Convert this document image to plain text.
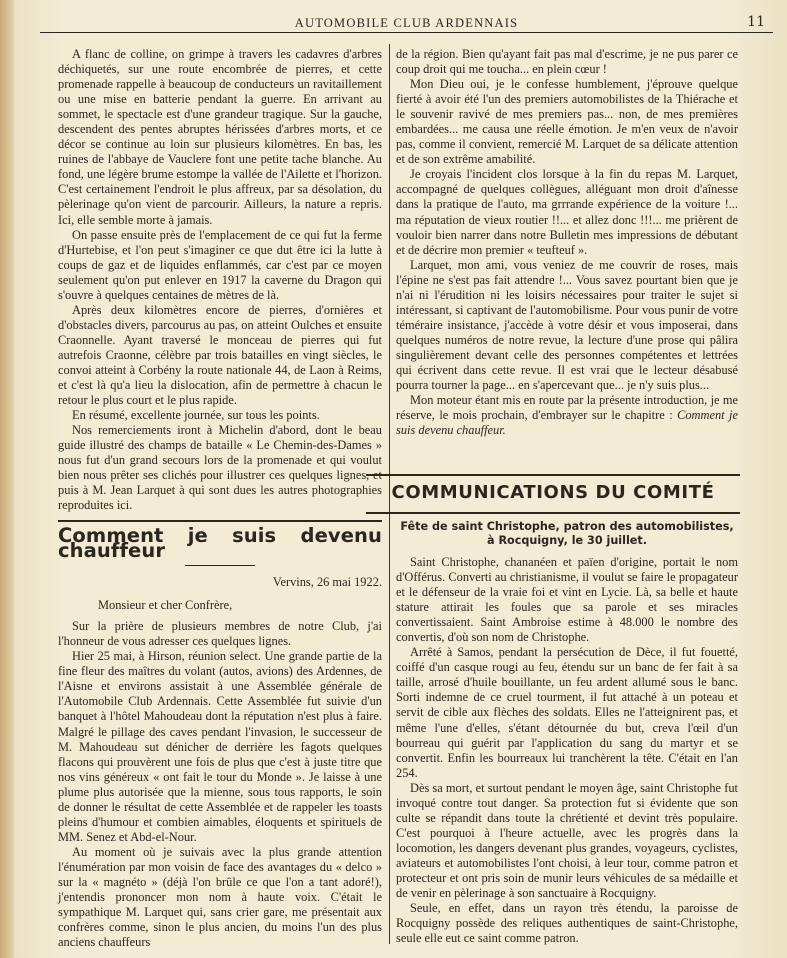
AUTOMOBILE CLUB ARDENNAIS	11

A flanc de colline, on grimpe à travers les cadavres d'arbres déchiquetés, sur une route encombrée de pierres, et cette promenade rappelle à beaucoup de conducteurs un ravitaillement ou une mise en batterie pendant la guerre. En arrivant au sommet, le spectacle est d'une grandeur tragique. Sur la gauche, descendent des pentes abruptes hérissées d'arbres morts, et ce décor se continue au loin sur plusieurs kilomètres. En bas, les ruines de l'abbaye de Vauclere font une petite tache blanche. Au fond, une légère brume estompe la vallée de l'Ailette et l'horizon. C'est certainement l'endroit le plus affreux, par sa désolation, du pèlerinage qu'on vient de parcourir. Ailleurs, la nature a repris. Ici, elle semble morte à jamais.

On passe ensuite près de l'emplacement de ce qui fut la ferme d'Hurtebise, et l'on peut s'imaginer ce que dut être ici la lutte à coups de gaz et de liquides enflammés, car c'est par ce moyen seulement qu'on put enlever en 1917 la caverne du Dragon qui s'ouvre à quelques centaines de mètres de là.

Après deux kilomètres encore de pierres, d'ornières et d'obstacles divers, parcourus au pas, on atteint Oulches et ensuite Craonnelle. Ayant traversé le monceau de pierres qui fut autrefois Craonne, célèbre par trois batailles en vingt siècles, le convoi atteint à Corbény la route nationale 44, de Laon à Reims, et c'est là qu'a lieu la dislocation, afin de permettre à chacun le retour le plus court et le plus rapide.

En résumé, excellente journée, sur tous les points.

Nos remerciements iront à Michelin d'abord, dont le beau guide illustré des champs de bataille « Le Chemin-des-Dames » nous fut d'un grand secours lors de la promenade et qui voulut bien nous prêter ses clichés pour illustrer ces quelques lignes, et puis à M. Jean Larquet à qui sont dues les autres photographies reproduites ici.

Comment je suis devenu chauffeur

Vervins, 26 mai 1922.

Monsieur et cher Confrère,

Sur la prière de plusieurs membres de notre Club, j'ai l'honneur de vous adresser ces quelques lignes.

Hier 25 mai, à Hirson, réunion select. Une grande partie de la fine fleur des maîtres du volant (autos, avions) des Ardennes, de l'Aisne et environs assistait à une Assemblée générale de l'Automobile Club Ardennais. Cette Assemblée fut suivie d'un banquet à l'hôtel Mahoudeau dont la réputation n'est plus à faire. Malgré le pillage des caves pendant l'invasion, le successeur de M. Mahoudeau sut dénicher de derrière les fagots quelques flacons qui prouvèrent une fois de plus que c'est à juste titre que nos vins généreux « ont fait le tour du Monde ». Je laisse à une plume plus autorisée que la mienne, sous tous rapports, le soin de donner le résultat de cette Assemblée et de rappeler les toasts pleins d'humour et combien aimables, éloquents et spirituels de MM. Senez et Abd-el-Nour.

Au moment où je suivais avec la plus grande attention l'énumération par mon voisin de face des avantages du « delco » sur la « magnéto » (déjà l'on brûle ce que l'on a tant adoré!), j'entendis prononcer mon nom à haute voix. C'était le sympathique M. Larquet qui, sans crier gare, me présentait aux confrères comme, sinon le plus ancien, du moins l'un des plus anciens chauffeurs

de la région. Bien qu'ayant fait pas mal d'escrime, je ne pus parer ce coup droit qui me toucha... en plein cœur !

Mon Dieu oui, je le confesse humblement, j'éprouve quelque fierté à avoir été l'un des premiers automobilistes de la Thiérache et le souvenir ravivé de mes premiers pas... non, de mes premières embardées... me causa une réelle émotion. Je m'en veux de n'avoir pas, comme il convient, remercié M. Larquet de sa délicate attention et de son extrême amabilité.

Je croyais l'incident clos lorsque à la fin du repas M. Larquet, accompagné de quelques collègues, alléguant mon droit d'aînesse dans la pratique de l'auto, ma grrrande expérience de la voiture !... ma réputation de vieux routier !!... et allez donc !!!... me prièrent de vouloir bien narrer dans notre Bulletin mes impressions de débutant et de décrire mon premier « teufteuf ».

Larquet, mon ami, vous veniez de me couvrir de roses, mais l'épine ne s'est pas fait attendre !... Vous savez pourtant bien que je n'ai ni l'érudition ni les loisirs nécessaires pour traiter le sujet si intéressant, si captivant de l'automobilisme. Pour vous punir de votre téméraire insistance, j'accède à votre désir et vous imposerai, dans quelques numéros de notre revue, la lecture d'une prose qui pâlira singulièrement devant celle des personnes compétentes et lettrées qui écrivent dans cette revue. Il est vrai que le lecteur désabusé pourra tourner la page... en s'apercevant que... je n'y suis plus...

Mon moteur étant mis en route par la présente introduction, je me réserve, le mois prochain, d'embrayer sur le chapitre : Comment je suis devenu chauffeur.

COMMUNICATIONS DU COMITÉ
Fête de saint Christophe, patron des automobilistes, à Rocquigny, le 30 juillet.

Saint Christophe, chananéen et païen d'origine, portait le nom d'Offérus. Converti au christianisme, il voulut se faire le propagateur et le défenseur de la vraie foi et vint en Lycie. Là, sa belle et haute stature attirait les foules que sa parole et ses miracles convertissaient. Saint Ambroise estime à 48.000 le nombre des convertis, d'où son nom de Christophe.

Arrêté à Samos, pendant la persécution de Dèce, il fut fouetté, coiffé d'un casque rougi au feu, étendu sur un banc de fer fait à sa taille, arrosé d'huile bouillante, un feu ardent allumé sous le banc. Sorti indemne de ce cruel tourment, il fut attaché à un poteau et servit de cible aux flèches des soldats. Elles ne l'atteignirent pas, et même l'une d'elles, s'étant détournée du but, creva l'œil d'un bourreau qui guérit par l'application du sang du martyr et se convertit. Enfin les bourreaux lui tranchèrent la tête. C'était en l'an 254.

Dès sa mort, et surtout pendant le moyen âge, saint Christophe fut invoqué contre tout danger. Sa protection fut si évidente que son culte se répandit dans toute la chrétienté et devint très populaire. C'est pourquoi à l'heure actuelle, avec les progrès dans la locomotion, les dangers devenant plus grandes, voyageurs, cyclistes, aviateurs et automobilistes l'ont choisi, à leur tour, comme patron et protecteur et ont pris soin de munir leurs véhicules de sa médaille et de venir en pèlerinage à son sanctuaire à Rocquigny.

Seule, en effet, dans un rayon très étendu, la paroisse de Rocquigny possède des reliques authentiques de saint-Christophe, seule elle eut ce saint comme patron.
